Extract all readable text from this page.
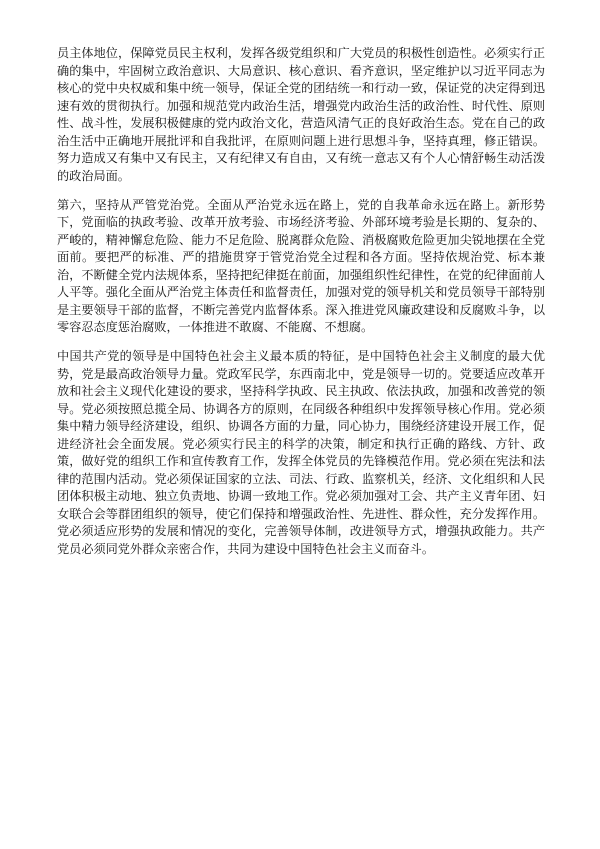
员主体地位，保障党员民主权利，发挥各级党组织和广大党员的积极性创造性。必须实行正确的集中，牢固树立政治意识、大局意识、核心意识、看齐意识，坚定维护以习近平同志为核心的党中央权威和集中统一领导，保证全党的团结统一和行动一致，保证党的决定得到迅速有效的贯彻执行。加强和规范党内政治生活，增强党内政治生活的政治性、时代性、原则性、战斗性，发展积极健康的党内政治文化，营造风清气正的良好政治生态。党在自己的政治生活中正确地开展批评和自我批评，在原则问题上进行思想斗争，坚持真理，修正错误。努力造成又有集中又有民主，又有纪律又有自由，又有统一意志又有个人心情舒畅生动活泼的政治局面。

第六，坚持从严管党治党。全面从严治党永远在路上，党的自我革命永远在路上。新形势下，党面临的执政考验、改革开放考验、市场经济考验、外部环境考验是长期的、复杂的、严峻的，精神懈怠危险、能力不足危险、脱离群众危险、消极腐败危险更加尖锐地摆在全党面前。要把严的标准、严的措施贯穿于管党治党全过程和各方面。坚持依规治党、标本兼治，不断健全党内法规体系，坚持把纪律挺在前面，加强组织性纪律性，在党的纪律面前人人平等。强化全面从严治党主体责任和监督责任，加强对党的领导机关和党员领导干部特别是主要领导干部的监督，不断完善党内监督体系。深入推进党风廉政建设和反腐败斗争，以零容忍态度惩治腐败，一体推进不敢腐、不能腐、不想腐。

中国共产党的领导是中国特色社会主义最本质的特征，是中国特色社会主义制度的最大优势，党是最高政治领导力量。党政军民学，东西南北中，党是领导一切的。党要适应改革开放和社会主义现代化建设的要求，坚持科学执政、民主执政、依法执政，加强和改善党的领导。党必须按照总揽全局、协调各方的原则，在同级各种组织中发挥领导核心作用。党必须集中精力领导经济建设，组织、协调各方面的力量，同心协力，围绕经济建设开展工作，促进经济社会全面发展。党必须实行民主的科学的决策，制定和执行正确的路线、方针、政策，做好党的组织工作和宣传教育工作，发挥全体党员的先锋模范作用。党必须在宪法和法律的范围内活动。党必须保证国家的立法、司法、行政、监察机关，经济、文化组织和人民团体积极主动地、独立负责地、协调一致地工作。党必须加强对工会、共产主义青年团、妇女联合会等群团组织的领导，使它们保持和增强政治性、先进性、群众性，充分发挥作用。党必须适应形势的发展和情况的变化，完善领导体制，改进领导方式，增强执政能力。共产党员必须同党外群众亲密合作，共同为建设中国特色社会主义而奋斗。
